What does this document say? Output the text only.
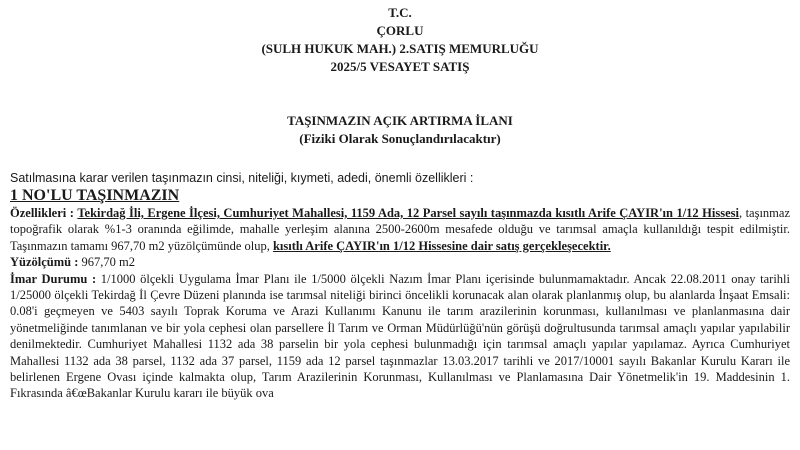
T.C.
ÇORLU
(SULH HUKUK MAH.) 2.SATIŞ MEMURLUĞU
2025/5 VESAYET SATIŞ
TAŞINMAZIN AÇIK ARTIRMA İLANI
(Fiziki Olarak Sonuçlandırılacaktır)
Satılmasına karar verilen taşınmazın cinsi, niteliği, kıymeti, adedi, önemli özellikleri :
1 NO'LU TAŞINMAZIN

Özellikleri : Tekirdağ İli, Ergene İlçesi, Cumhuriyet Mahallesi, 1159 Ada, 12 Parsel sayılı taşınmazda kısıtlı Arife ÇAYIR'ın 1/12 Hissesi, taşınmaz topoğrafik olarak %1-3 oranında eğilimde, mahalle yerleşim alanına 2500-2600m mesafede olduğu ve tarımsal amaçla kullanıldığı tespit edilmiştir. Taşınmazın tamamı 967,70 m2 yüzölçümünde olup, kısıtlı Arife ÇAYIR'ın 1/12 Hissesine dair satış gerçekleşecektir.

Yüzölçümü : 967,70 m2

İmar Durumu : 1/1000 ölçekli Uygulama İmar Planı ile 1/5000 ölçekli Nazım İmar Planı içerisinde bulunmamaktadır. Ancak 22.08.2011 onay tarihli 1/25000 ölçekli Tekirdağ İl Çevre Düzeni planında ise tarımsal niteliği birinci öncelikli korunacak alan olarak planlanmış olup, bu alanlarda İnşaat Emsali: 0.08'i geçmeyen ve 5403 sayılı Toprak Koruma ve Arazi Kullanımı Kanunu ile tarım arazilerinin korunması, kullanılması ve planlanmasına dair yönetmeliğinde tanımlanan ve bir yola cephesi olan parsellere İl Tarım ve Orman Müdürlüğü'nün görüşü doğrultusunda tarımsal amaçlı yapılar yapılabilir denilmektedir. Cumhuriyet Mahallesi 1132 ada 38 parselin bir yola cephesi bulunmadığı için tarımsal amaçlı yapılar yapılamaz. Ayrıca Cumhuriyet Mahallesi 1132 ada 38 parsel, 1132 ada 37 parsel, 1159 ada 12 parsel taşınmazlar 13.03.2017 tarihli ve 2017/10001 sayılı Bakanlar Kurulu Kararı ile belirlenen Ergene Ovası içinde kalmakta olup, Tarım Arazilerinin Korunması, Kullanılması ve Planlamasına Dair Yönetmelik'in 19. Maddesinin 1. Fıkrasında â€œBakanlar Kurulu kararı ile büyük ova
